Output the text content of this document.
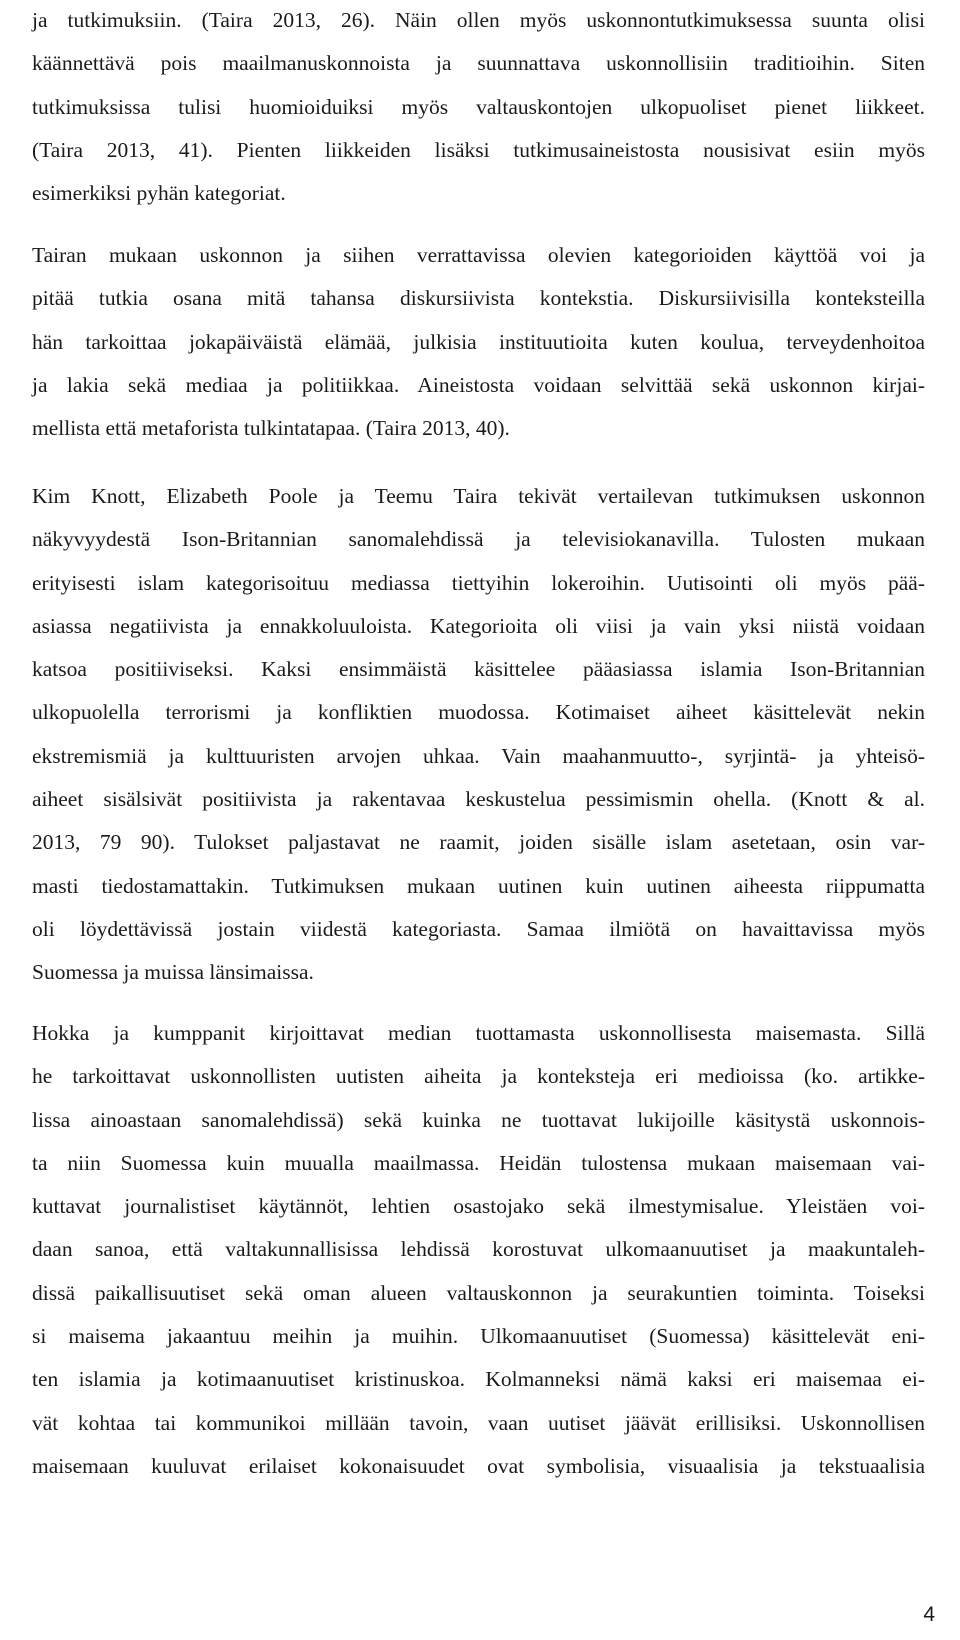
ja tutkimuksiin. (Taira 2013, 26). Näin ollen myös uskonnontutkimuksessa suunta olisi
käännettävä pois maailmanuskonnoista ja suunnattava uskonnollisiin traditioihin. Siten
tutkimuksissa tulisi huomioiduiksi myös valtauskontojen ulkopuoliset pienet liikkeet.
(Taira 2013, 41). Pienten liikkeiden lisäksi tutkimusaineistosta nousisivat esiin myös
esimerkiksi pyhän kategoriat.
Tairan mukaan uskonnon ja siihen verrattavissa olevien kategorioiden käyttöä voi ja
pitää tutkia osana mitä tahansa diskursiivista kontekstia. Diskursiivisilla konteksteilla
hän tarkoittaa jokapäiväistä elämää, julkisia instituutioita kuten koulua, terveydenhoitoa
ja lakia sekä mediaa ja politiikkaa. Aineistosta voidaan selvittää sekä uskonnon kirjai-
mellista että metaforista tulkintatapaa. (Taira 2013, 40).
Kim Knott, Elizabeth Poole ja Teemu Taira tekivät vertailevan tutkimuksen uskonnon
näkyvyydestä Ison-Britannian sanomalehdissä ja televisiokanavilla. Tulosten mukaan
erityisesti islam kategorisoituu mediassa tiettyihin lokeroihin. Uutisointi oli myös pää-
asiassa negatiivista ja ennakkoluuloista. Kategorioita oli viisi ja vain yksi niistä voidaan
katsoa positiiviseksi. Kaksi ensimmäistä käsittelee pääasiassa islamia Ison-Britannian
ulkopuolella terrorismi ja konfliktien muodossa. Kotimaiset aiheet käsittelevät nekin
ekstremismiä ja kulttuuristen arvojen uhkaa. Vain maahanmuutto-, syrjintä- ja yhteisö-
aiheet sisälsivät positiivista ja rakentavaa keskustelua pessimismin ohella. (Knott & al.
2013, 79 90). Tulokset paljastavat ne raamit, joiden sisälle islam asetetaan, osin var-
masti tiedostamattakin. Tutkimuksen mukaan uutinen kuin uutinen aiheesta riippumatta
oli löydettävissä jostain viidestä kategoriasta. Samaa ilmiötä on havaittavissa myös
Suomessa ja muissa länsimaissa.
Hokka ja kumppanit kirjoittavat median tuottamasta uskonnollisesta maisemasta. Sillä
he tarkoittavat uskonnollisten uutisten aiheita ja konteksteja eri medioissa (ko. artikke-
lissa ainoastaan sanomalehdissä) sekä kuinka ne tuottavat lukijoille käsitystä uskonnois-
ta niin Suomessa kuin muualla maailmassa. Heidän tulostensa mukaan maisemaan vai-
kuttavat journalistiset käytännöt, lehtien osastojako sekä ilmestymisalue. Yleistäen voi-
daan sanoa, että valtakunnallisissa lehdissä korostuvat ulkomaanuutiset ja maakuntaleh-
dissä paikallisuutiset sekä oman alueen valtauskonnon ja seurakuntien toiminta. Toiseksi
si maisema jakaantuu meihin ja muihin. Ulkomaanuutiset (Suomessa) käsittelevät eni-
ten islamia ja kotimaanuutiset kristinuskoa. Kolmanneksi nämä kaksi eri maisemaa ei-
vät kohtaa tai kommunikoi millään tavoin, vaan uutiset jäävät erillisiksi. Uskonnollisen
maisemaan kuuluvat erilaiset kokonaisuudet ovat symbolisia, visuaalisia ja tekstuaalisia
4
